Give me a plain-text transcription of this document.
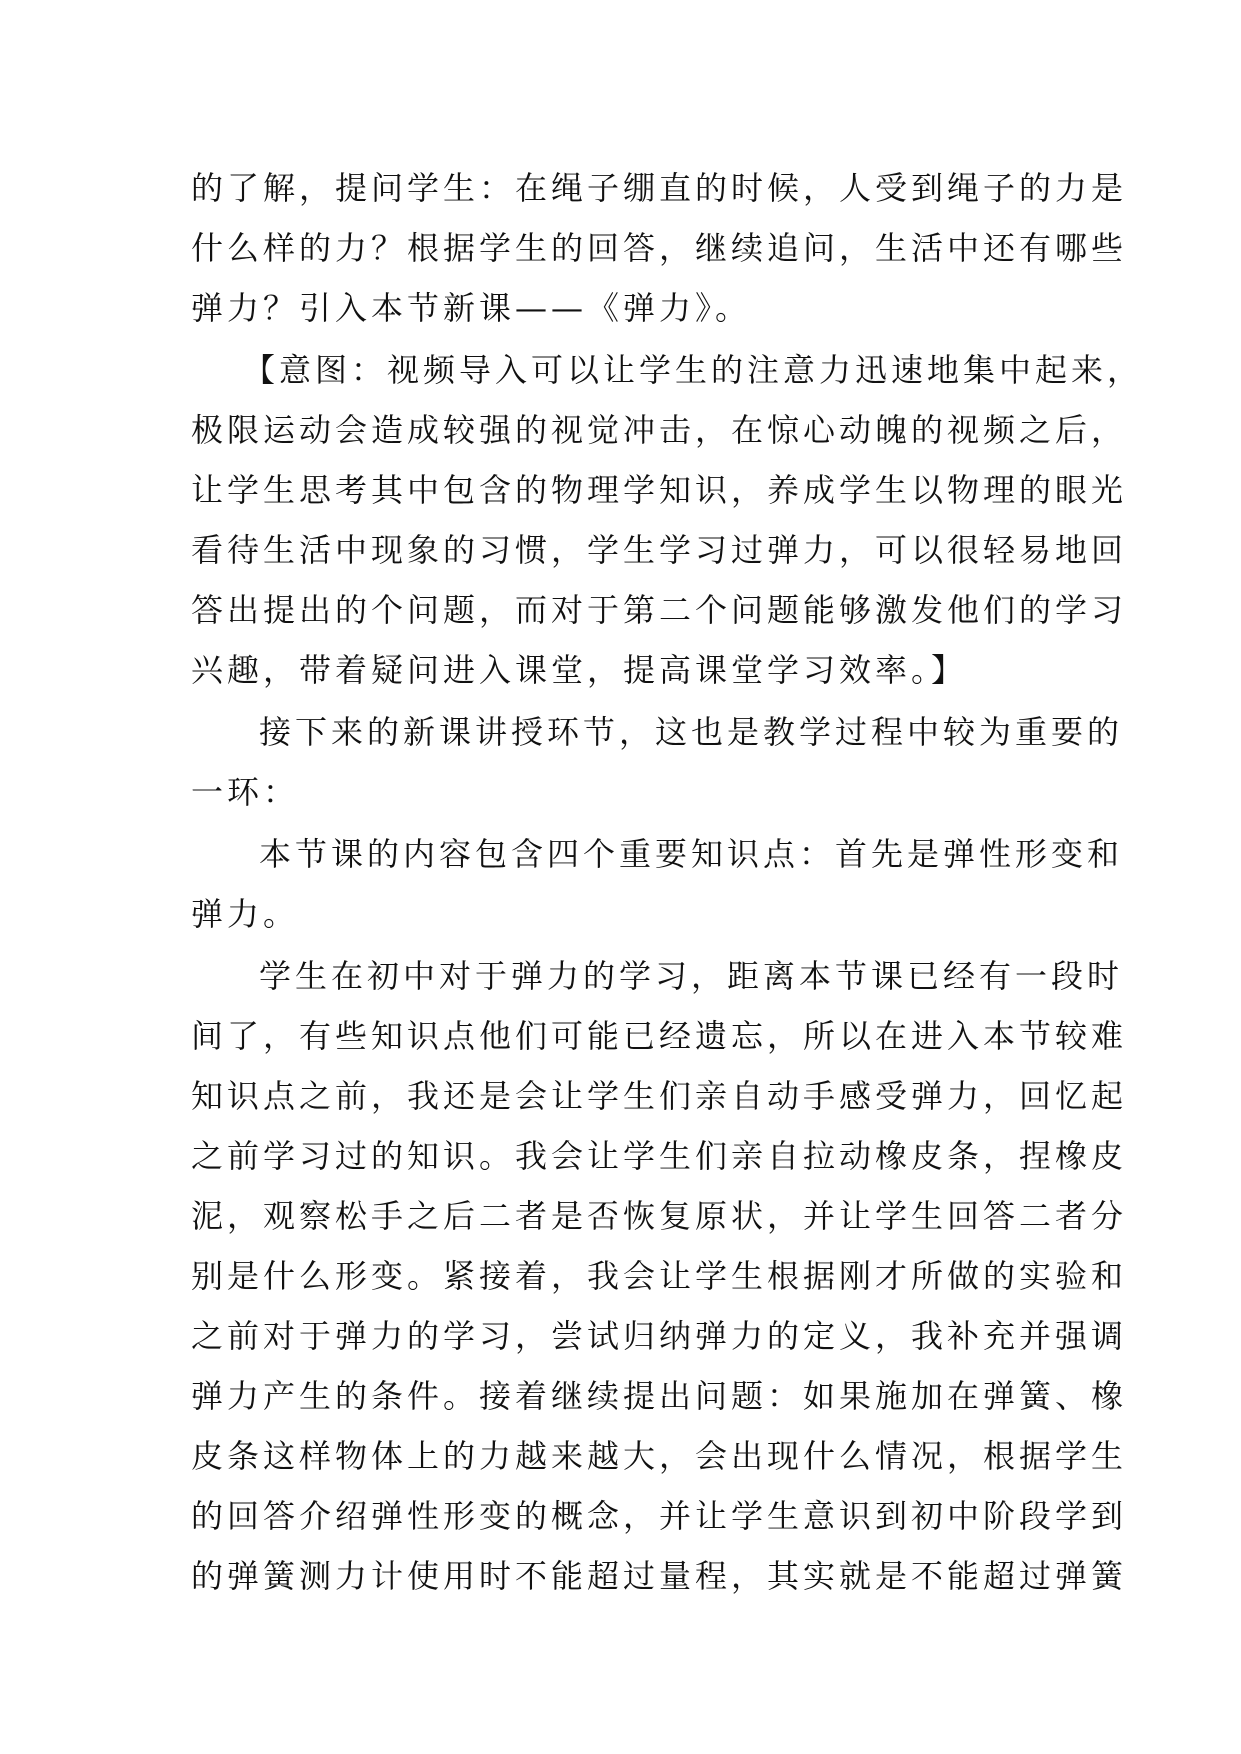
的了解，提问学生：在绳子绷直的时候，人受到绳子的力是
什么样的力？根据学生的回答，继续追问，生活中还有哪些
弹力？引入本节新课——《弹力》。
【意图：视频导入可以让学生的注意力迅速地集中起来，
极限运动会造成较强的视觉冲击，在惊心动魄的视频之后，
让学生思考其中包含的物理学知识，养成学生以物理的眼光
看待生活中现象的习惯，学生学习过弹力，可以很轻易地回
答出提出的个问题，而对于第二个问题能够激发他们的学习
兴趣，带着疑问进入课堂，提高课堂学习效率。】
接下来的新课讲授环节，这也是教学过程中较为重要的
一环：
本节课的内容包含四个重要知识点：首先是弹性形变和
弹力。
学生在初中对于弹力的学习，距离本节课已经有一段时
间了，有些知识点他们可能已经遗忘，所以在进入本节较难
知识点之前，我还是会让学生们亲自动手感受弹力，回忆起
之前学习过的知识。我会让学生们亲自拉动橡皮条，捏橡皮
泥，观察松手之后二者是否恢复原状，并让学生回答二者分
别是什么形变。紧接着，我会让学生根据刚才所做的实验和
之前对于弹力的学习，尝试归纳弹力的定义，我补充并强调
弹力产生的条件。接着继续提出问题：如果施加在弹簧、橡
皮条这样物体上的力越来越大，会出现什么情况，根据学生
的回答介绍弹性形变的概念，并让学生意识到初中阶段学到
的弹簧测力计使用时不能超过量程，其实就是不能超过弹簧
